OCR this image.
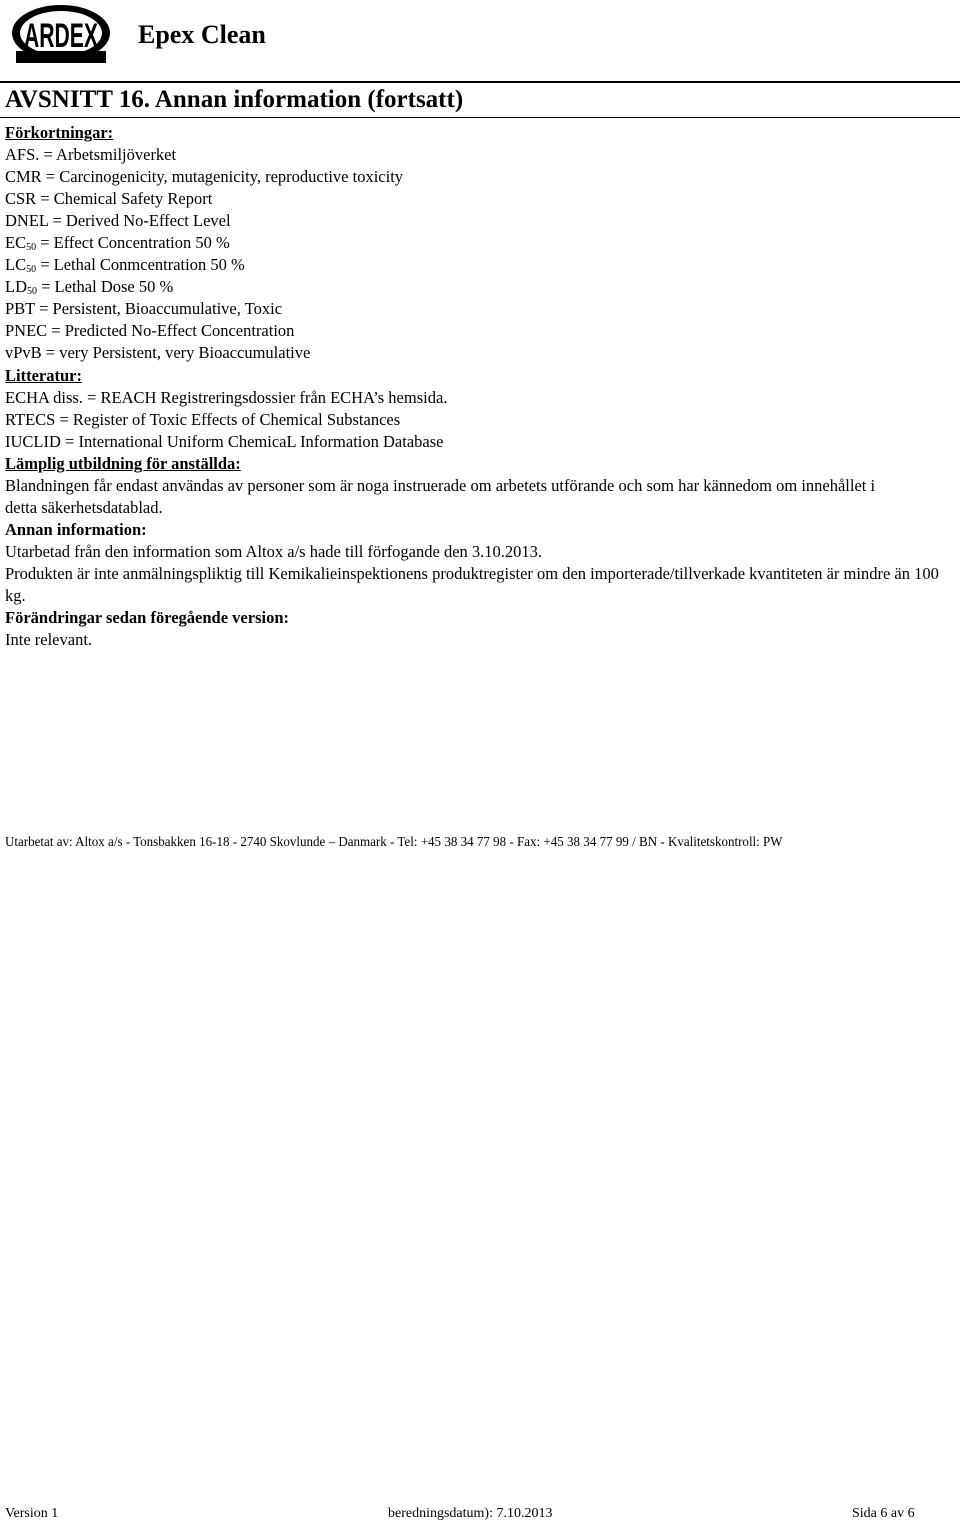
ARDEX Epex Clean
AVSNITT 16. Annan information (fortsatt)
Förkortningar:
AFS. = Arbetsmiljöverket
CMR = Carcinogenicity, mutagenicity, reproductive toxicity
CSR = Chemical Safety Report
DNEL = Derived No-Effect Level
$EC_{50}$ = Effect Concentration 50 %
$LC_{50}$ = Lethal Conmcentration 50 %
$LD_{50}$ = Lethal Dose 50 %
PBT = Persistent, Bioaccumulative, Toxic
PNEC = Predicted No-Effect Concentration
vPvB = very Persistent, very Bioaccumulative
Litteratur:
ECHA diss. = REACH Registreringsdossier från ECHA’s hemsida.
RTECS = Register of Toxic Effects of Chemical Substances
IUCLID = International Uniform ChemicaL Information Database
Lämplig utbildning för anställda:
Blandningen får endast användas av personer som är noga instruerade om arbetets utförande och som har kännedom om innehållet i detta säkerhetsdatablad.
Annan information:
Utarbetad från den information som Altox a/s hade till förfogande den 3.10.2013.
Produkten är inte anmälningspliktig till Kemikalieinspektionens produktregister om den importerade/tillverkade kvantiteten är mindre än 100 kg.
Förändringar sedan föregående version:
Inte relevant.
Utarbetat av: Altox a/s - Tonsbakken 16-18 - 2740 Skovlunde – Danmark - Tel: +45 38 34 77 98 - Fax: +45 38 34 77 99 / BN - Kvalitetskontroll: PW
Version 1	beredningsdatum): 7.10.2013	Sida 6 av 6
